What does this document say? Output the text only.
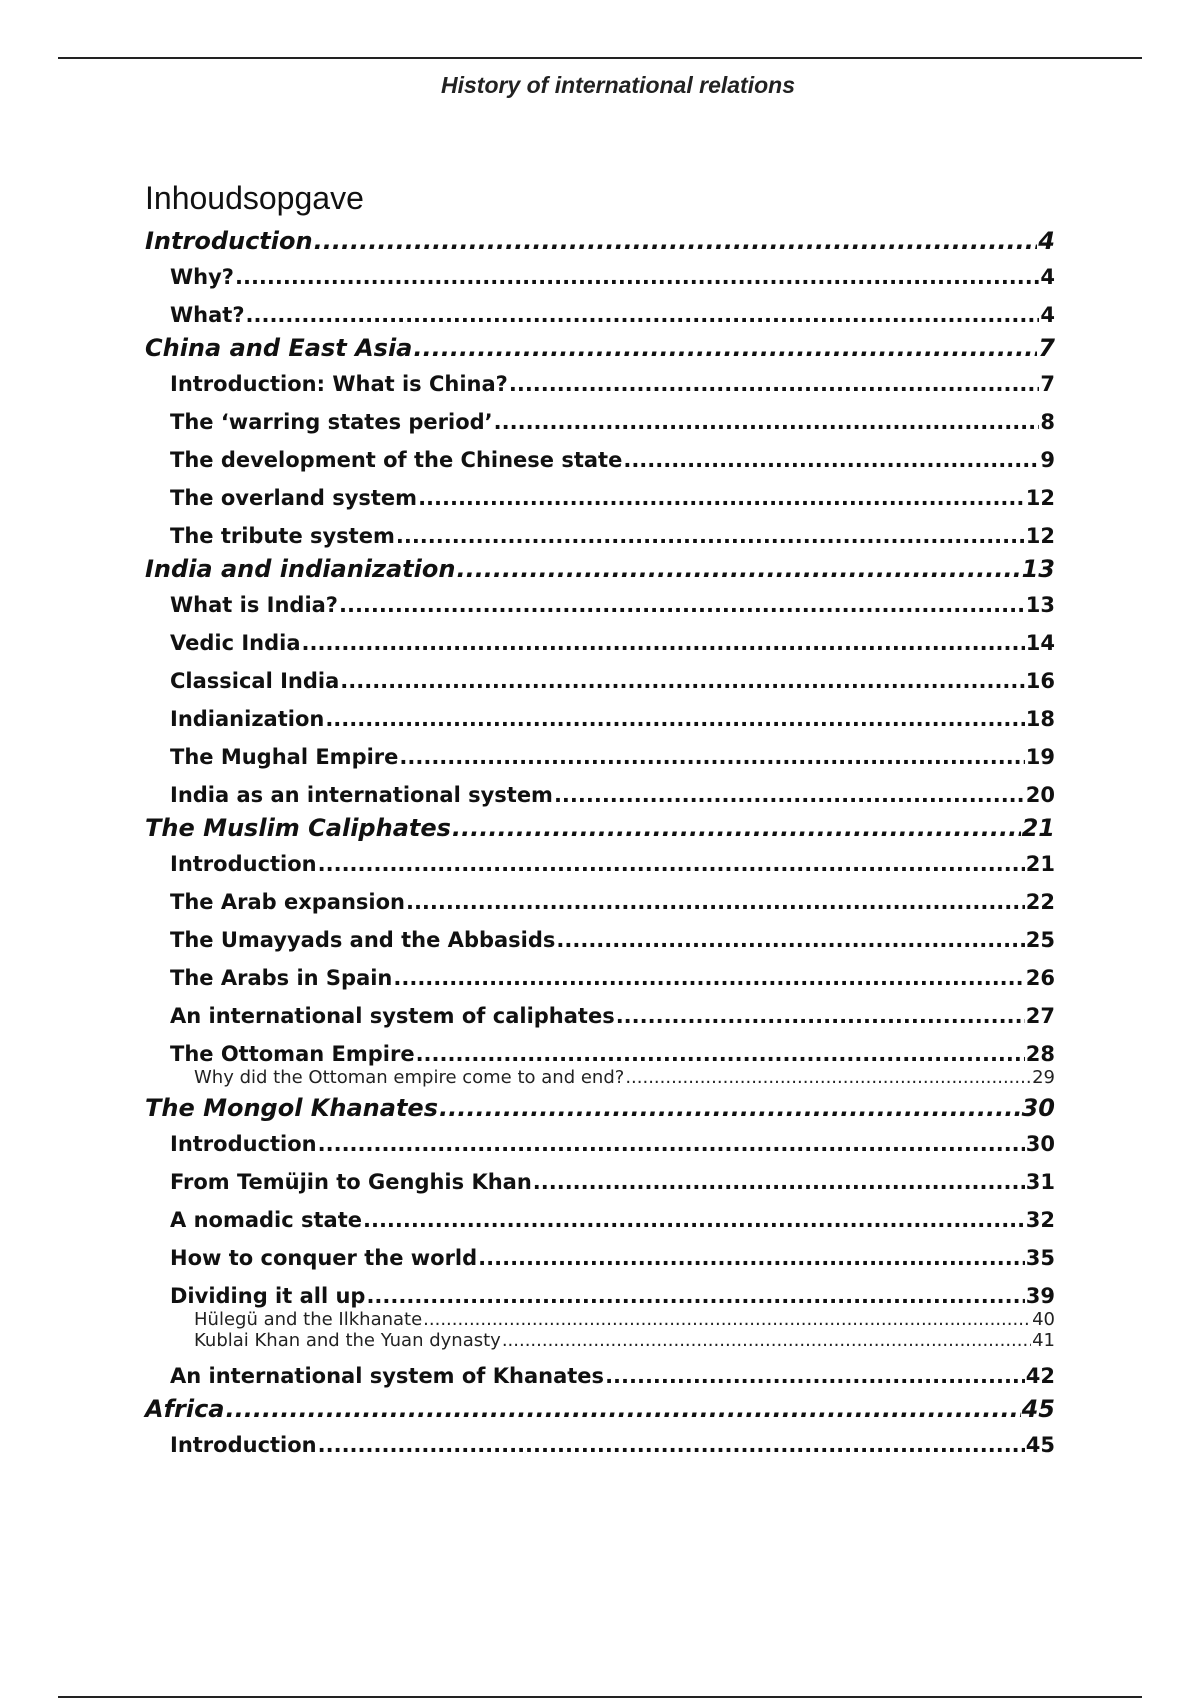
History of international relations
Inhoudsopgave
Introduction .....	4
Why? .....	4
What? .....	4
China and East Asia .....	7
Introduction: What is China? .....	7
The ‘warring states period’ .....	8
The development of the Chinese state .....	9
The overland system .....	12
The tribute system .....	12
India and indianization .....	13
What is India? .....	13
Vedic India .....	14
Classical India .....	16
Indianization .....	18
The Mughal Empire .....	19
India as an international system .....	20
The Muslim Caliphates .....	21
Introduction .....	21
The Arab expansion .....	22
The Umayyads and the Abbasids .....	25
The Arabs in Spain .....	26
An international system of caliphates .....	27
The Ottoman Empire .....	28
Why did the Ottoman empire come to and end? .....	29
The Mongol Khanates .....	30
Introduction .....	30
From Temüjin to Genghis Khan .....	31
A nomadic state .....	32
How to conquer the world .....	35
Dividing it all up .....	39
Hülegü and the Ilkhanate .....	40
Kublai Khan and the Yuan dynasty .....	41
An international system of Khanates .....	42
Africa .....	45
Introduction .....	45
